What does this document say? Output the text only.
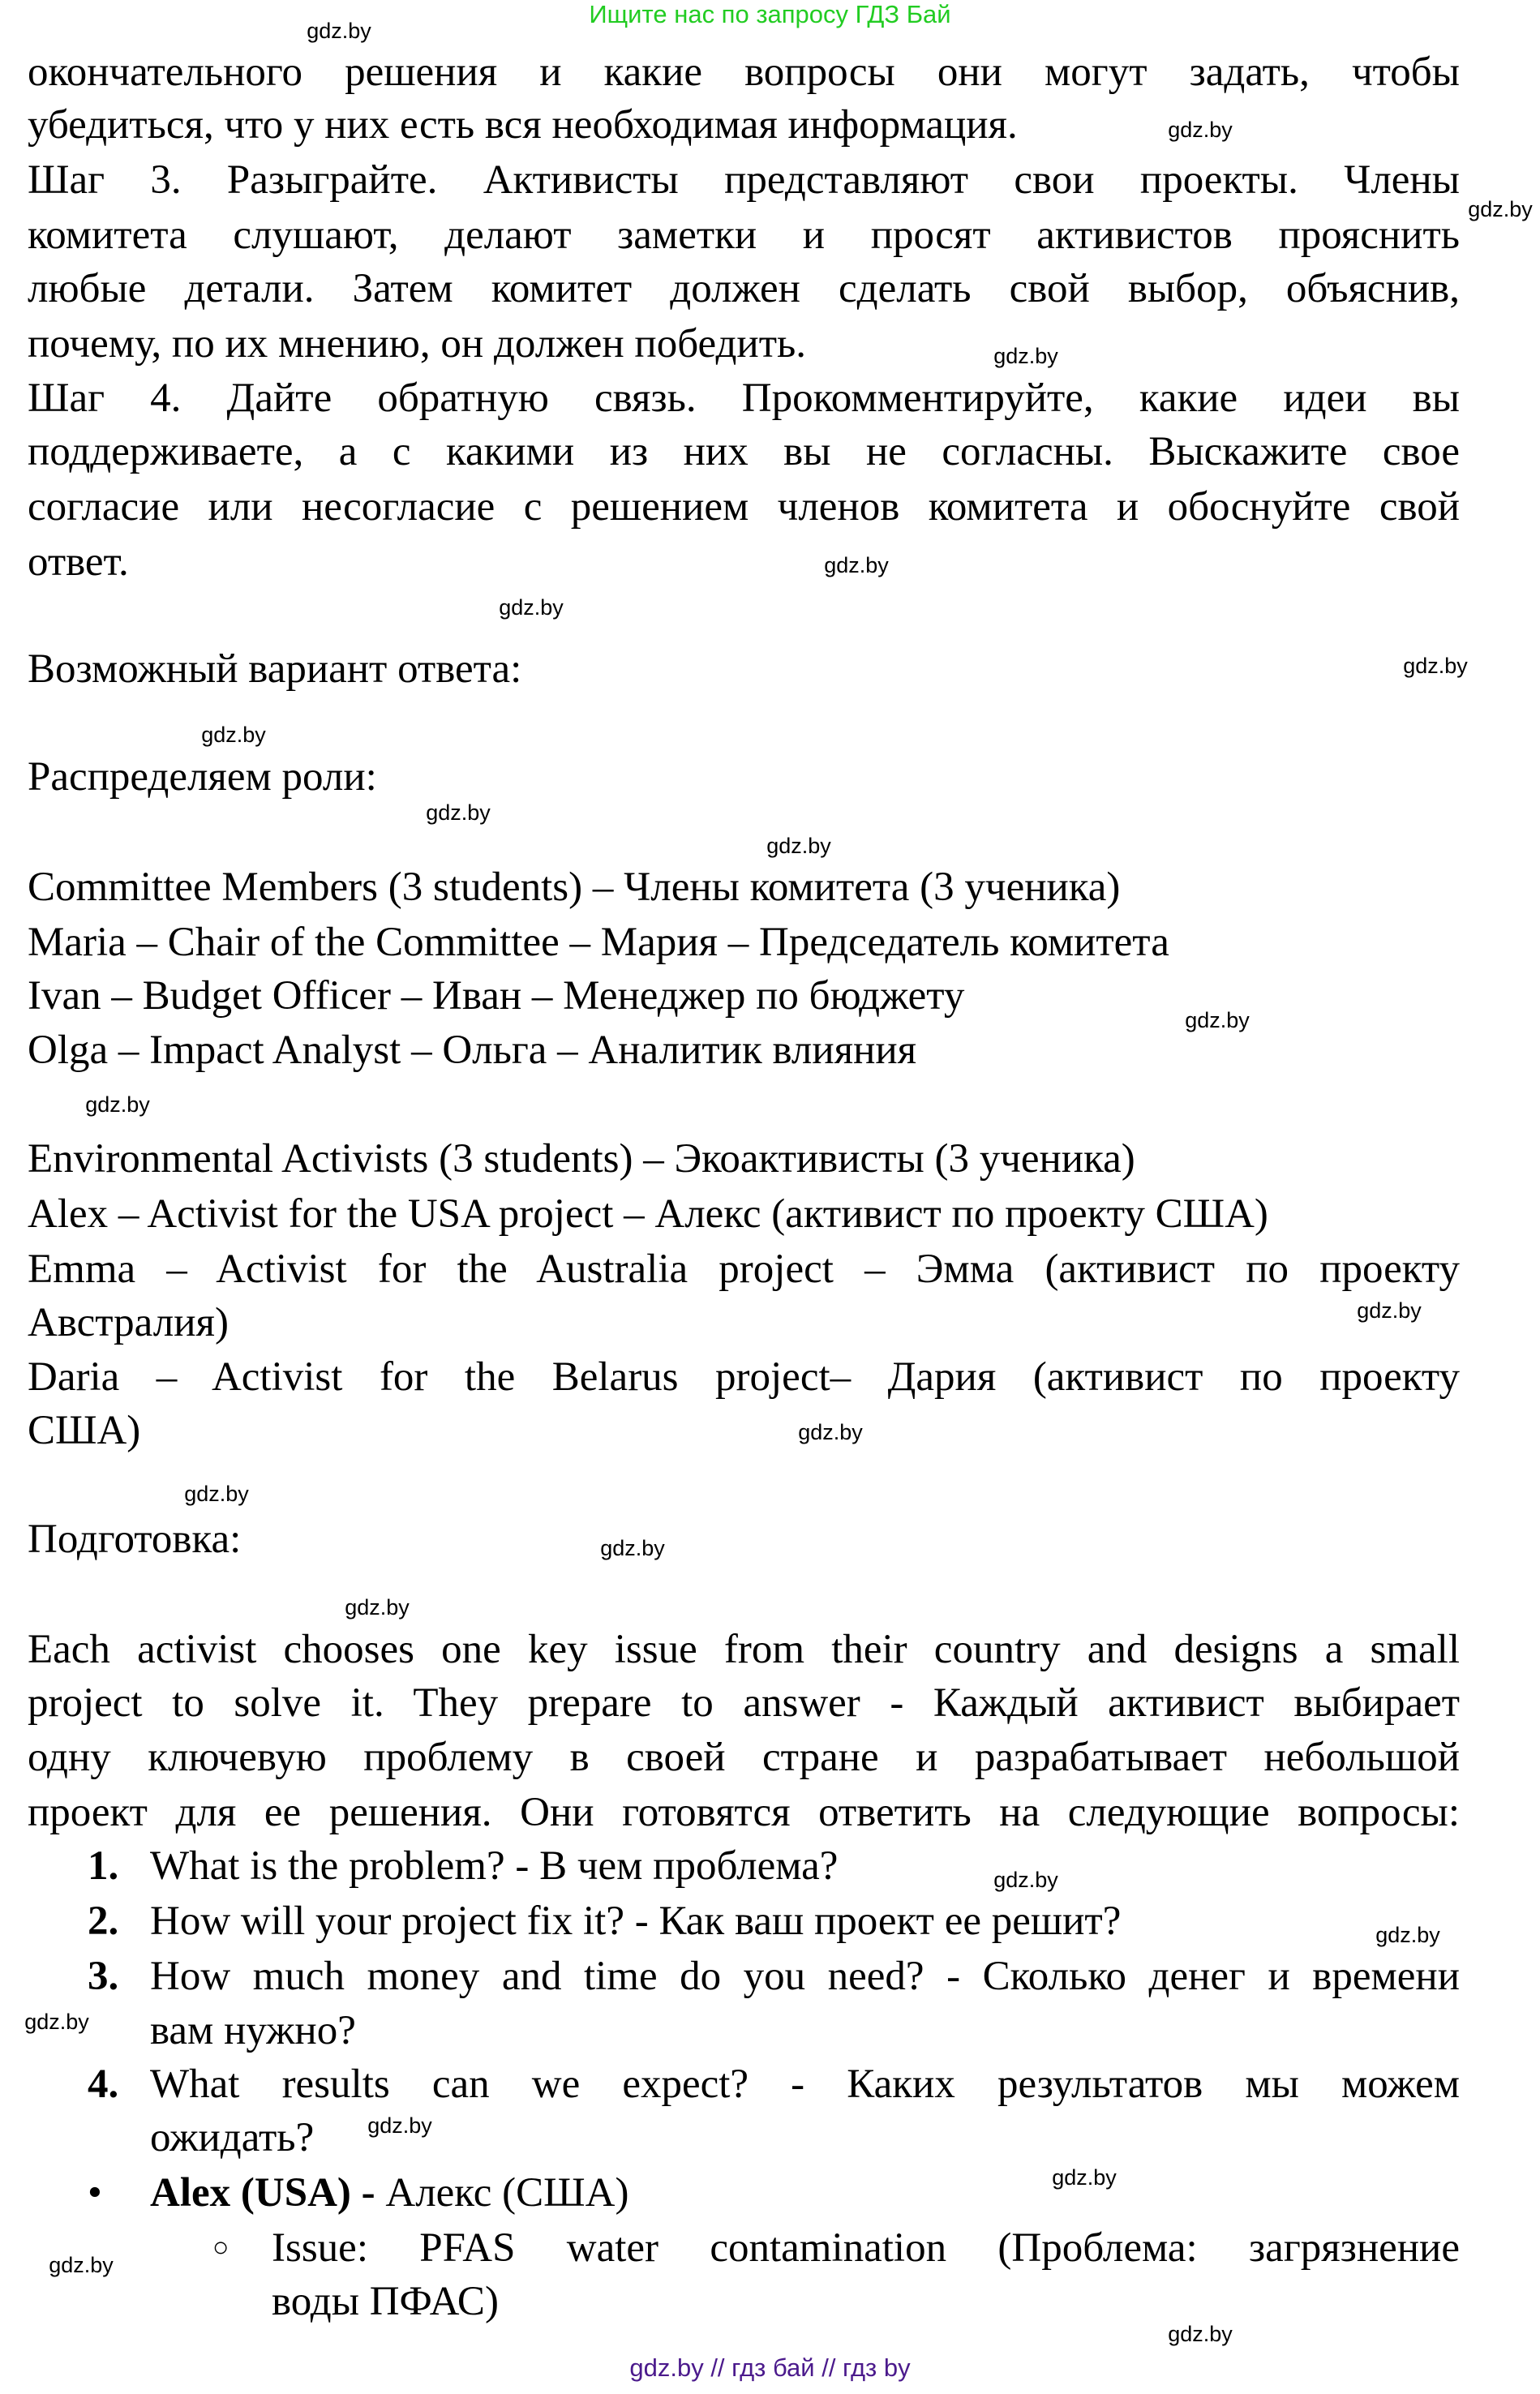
Ищите нас по запросу ГДЗ Бай
окончательного решения и какие вопросы они могут задать, чтобы
убедиться, что у них есть вся необходимая информация.
Шаг 3. Разыграйте. Активисты представляют свои проекты. Члены
комитета слушают, делают заметки и просят активистов прояснить
любые детали. Затем комитет должен сделать свой выбор, объяснив,
почему, по их мнению, он должен победить.
Шаг 4. Дайте обратную связь. Прокомментируйте, какие идеи вы
поддерживаете, а с какими из них вы не согласны. Выскажите свое
согласие или несогласие с решением членов комитета и обоснуйте свой
ответ.
Возможный вариант ответа:
Распределяем роли:
Committee Members (3 students) – Члены комитета (3 ученика)
Maria – Chair of the Committee – Мария – Председатель комитета
Ivan – Budget Officer – Иван – Менеджер по бюджету
Olga – Impact Analyst – Ольга – Аналитик влияния
Environmental Activists (3 students) – Экоактивисты (3 ученика)
Alex – Activist for the USA project – Алекс (активист по проекту США)
Emma – Activist for the Australia project – Эмма (активист по проекту
Австралия)
Daria – Activist for the Belarus project– Дария (активист по проекту
США)
Подготовка:
Each activist chooses one key issue from their country and designs a small
project to solve it. They prepare to answer - Каждый активист выбирает
одну ключевую проблему в своей стране и разрабатывает небольшой
проект для ее решения. Они готовятся ответить на следующие вопросы:
1. What is the problem? - В чем проблема?
2. How will your project fix it? - Как ваш проект ее решит?
3. How much money and time do you need? - Сколько денег и времени
вам нужно?
4. What results can we expect? - Каких результатов мы можем
ожидать?
• Alex (USA) - Алекс (США)
○ Issue: PFAS water contamination (Проблема: загрязнение
воды ПФАС)
gdz.by
gdz.by
gdz.by
gdz.by
gdz.by
gdz.by
gdz.by
gdz.by
gdz.by
gdz.by
gdz.by
gdz.by
gdz.by
gdz.by
gdz.by
gdz.by
gdz.by
gdz.by
gdz.by
gdz.by
gdz.by
gdz.by
gdz.by
gdz.by
gdz.by // гдз бай // гдз by
